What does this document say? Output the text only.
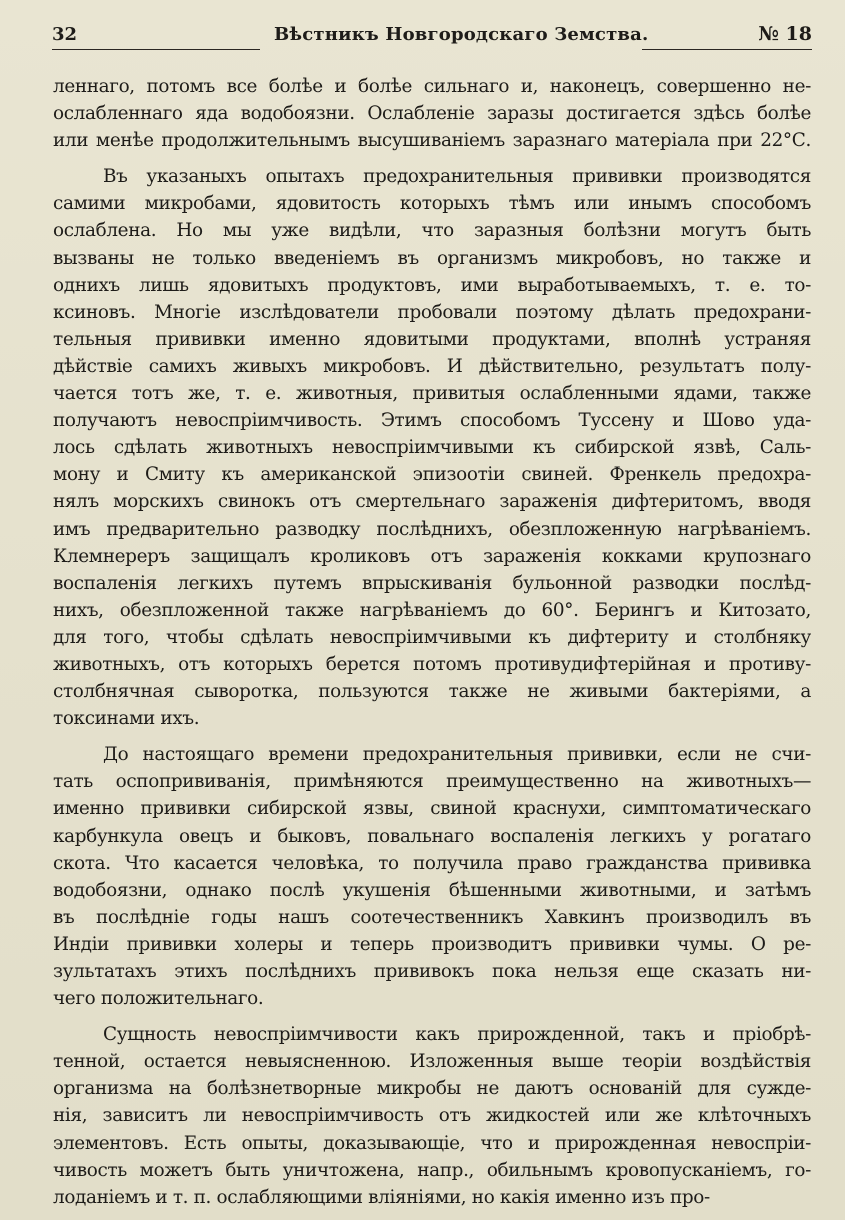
32	Вѣстникъ Новгородскаго Земства.	№ 18
леннаго, потомъ все болѣе и болѣе сильнаго и, наконецъ, совершенно не-
ослабленнаго яда водобоязни. Ослабленіе заразы достигается здѣсь болѣе
или менѣе продолжительнымъ высушиваніемъ заразнаго матеріала при 22°С.
Въ указаныхъ опытахъ предохранительныя прививки производятся
самими микробами, ядовитость которыхъ тѣмъ или инымъ способомъ
ослаблена. Но мы уже видѣли, что заразныя болѣзни могутъ быть
вызваны не только введеніемъ въ организмъ микробовъ, но также и
однихъ лишь ядовитыхъ продуктовъ, ими выработываемыхъ, т. е. то-
ксиновъ. Многіе изслѣдователи пробовали поэтому дѣлать предохрани-
тельныя прививки именно ядовитыми продуктами, вполнѣ устраняя
дѣйствіе самихъ живыхъ микробовъ. И дѣйствительно, результатъ полу-
чается тотъ же, т. е. животныя, привитыя ослабленными ядами, также
получаютъ невоспріимчивость. Этимъ способомъ Туссену и Шово уда-
лось сдѣлать животныхъ невоспріимчивыми къ сибирской язвѣ, Саль-
мону и Смиту къ американской эпизоотіи свиней. Френкель предохра-
нялъ морскихъ свинокъ отъ смертельнаго зараженія дифтеритомъ, вводя
имъ предварительно разводку послѣднихъ, обезпложенную нагрѣваніемъ.
Клемнереръ защищалъ кроликовъ отъ зараженія кокками крупознаго
воспаленія легкихъ путемъ впрыскиванія бульонной разводки послѣд-
нихъ, обезпложенной также нагрѣваніемъ до 60°. Берингъ и Китозато,
для того, чтобы сдѣлать невоспріимчивыми къ дифтериту и столбняку
животныхъ, отъ которыхъ берется потомъ противудифтерійная и противу-
столбнячная сыворотка, пользуются также не живыми бактеріями, а
токсинами ихъ.
До настоящаго времени предохранительныя прививки, если не счи-
тать оспопрививанія, примѣняются преимущественно на животныхъ—
именно прививки сибирской язвы, свиной краснухи, симптоматическаго
карбункула овецъ и быковъ, повальнаго воспаленія легкихъ у рогатаго
скота. Что касается человѣка, то получила право гражданства прививка
водобоязни, однако послѣ укушенія бѣшенными животными, и затѣмъ
въ послѣдніе годы нашъ соотечественникъ Хавкинъ производилъ въ
Индіи прививки холеры и теперь производитъ прививки чумы. О ре-
зультатахъ этихъ послѣднихъ прививокъ пока нельзя еще сказать ни-
чего положительнаго.
Сущность невоспріимчивости какъ прирожденной, такъ и пріобрѣ-
тенной, остается невыясненною. Изложенныя выше теоріи воздѣйствія
организма на болѣзнетворные микробы не даютъ основаній для сужде-
нія, зависитъ ли невоспріимчивость отъ жидкостей или же клѣточныхъ
элементовъ. Есть опыты, доказывающіе, что и прирожденная невоспріи-
чивость можетъ быть уничтожена, напр., обильнымъ кровопусканіемъ, го-
лоданіемъ и т. п. ослабляющими вліяніями, но какія именно изъ про-
